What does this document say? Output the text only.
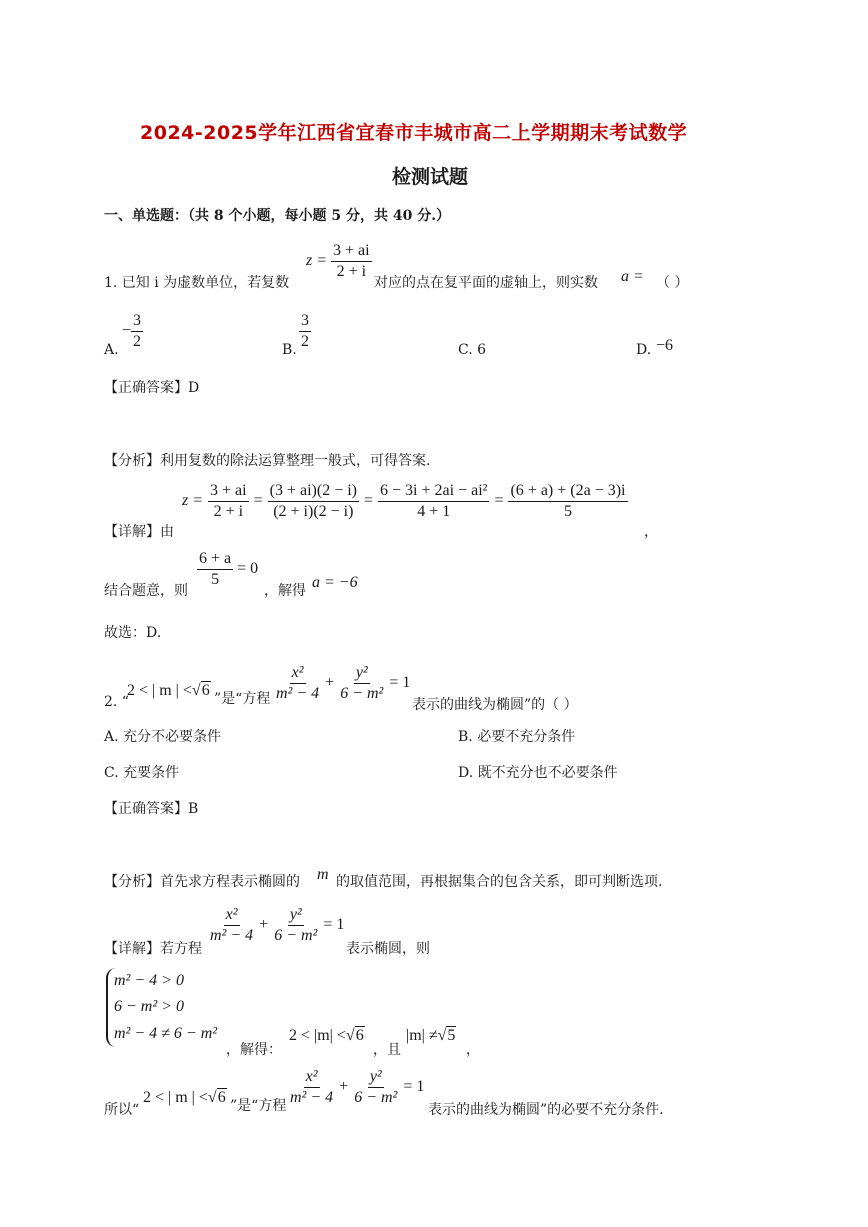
2024-2025学年江西省宜春市丰城市高二上学期期末考试数学
检测试题
一、单选题：（共 8 个小题，每小题 5 分，共 40 分.）
1. 已知 i 为虚数单位，若复数
$z = \frac{3 + ai}{2 + i}$
对应的点在复平面的虚轴上，则实数 a = （ ）
A.
− $\frac{3}{2}$	B. $\frac{3}{2}$	C. 6	D. −6
【正确答案】D
【分析】利用复数的除法运算整理一般式，可得答案.
【详解】由
$z = \frac{3 + ai}{2 + i} = \frac{(3 + ai)(2 - i)}{(2 + i)(2 - i)} = \frac{\text{6 − 3i + 2ai − ai²}}{4 + 1} = \frac{(6 + a) + (2a - 3)i}{5}$
，
结合题意，则
$\frac{6 + a}{5} = 0$
，解得 a = −6
故选：D.
2. “
2 < | m | < √ 6 ”是“方程 $\frac{\text{x²}}{\text{m² − 4}} + \frac{\text{y²}}{\text{6 − m²}} = 1$
表示的曲线为椭圆”的（ ）
A. 充分不必要条件	B. 必要不充分条件
C. 充要条件	D. 既不充分也不必要条件
【正确答案】B
【分析】首先求方程表示椭圆的 m 的取值范围，再根据集合的包含关系，即可判断选项.
【详解】若方程
$\frac{\text{x²}}{\text{m² − 4}} + \frac{\text{y²}}{\text{6 − m²}} = 1$
表示椭圆，则
m² − 4 > 0
6 − m² > 0
m² − 4 ≠ 6 − m²
，解得：
2 < |m| < √ 6
，且
|m| ≠ √ 5
，
所以“
2 < | m | < √ 6 ”是“方程 $\frac{\text{x²}}{\text{m² − 4}} + \frac{\text{y²}}{\text{6 − m²}} = 1$
表示的曲线为椭圆”的必要不充分条件.
